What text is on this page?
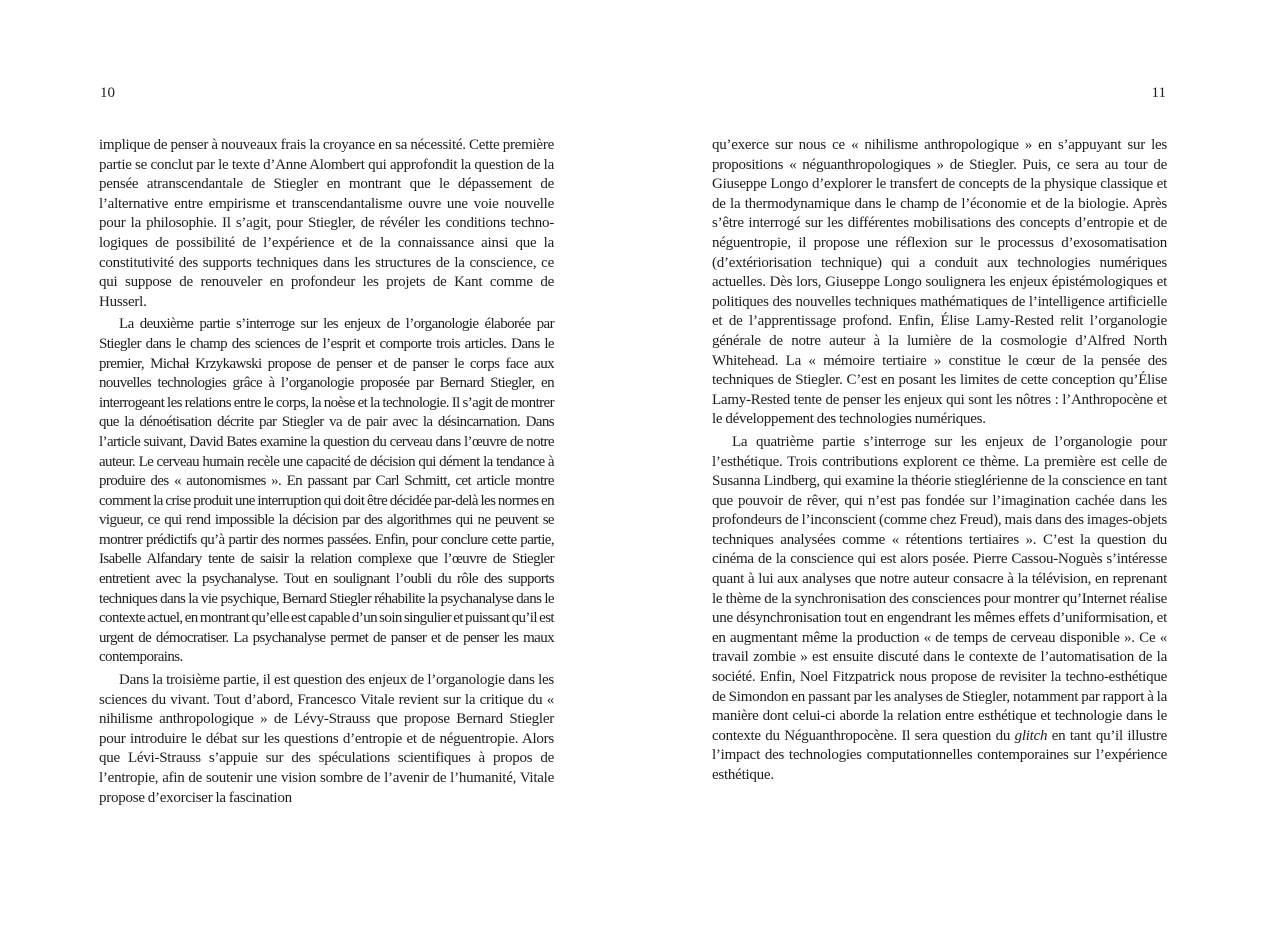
10

implique de penser à nouveaux frais la croyance en sa nécessité. Cette première partie se conclut par le texte d’Anne Alombert qui approfondit la question de la pensée atranscendantale de Stiegler en montrant que le dépassement de l’alternative entre empirisme et transcendantalisme ouvre une voie nouvelle pour la philosophie. Il s’agit, pour Stiegler, de révéler les conditions techno-logiques de possibilité de l’expérience et de la connaissance ainsi que la constitutivité des supports techniques dans les structures de la conscience, ce qui suppose de renouveler en profondeur les projets de Kant comme de Husserl.

La deuxième partie s’interroge sur les enjeux de l’organologie élaborée par Stiegler dans le champ des sciences de l’esprit et comporte trois articles. Dans le premier, Michał Krzykawski propose de penser et de panser le corps face aux nouvelles technologies grâce à l’organologie proposée par Bernard Stiegler, en interrogeant les relations entre le corps, la noèse et la technologie. Il s’agit de montrer que la dénoétisation décrite par Stiegler va de pair avec la désincarnation. Dans l’article suivant, David Bates examine la question du cerveau dans l’œuvre de notre auteur. Le cerveau humain recèle une capacité de décision qui dément la tendance à produire des « autonomismes ». En passant par Carl Schmitt, cet article montre comment la crise produit une interruption qui doit être décidée par-delà les normes en vigueur, ce qui rend impossible la décision par des algorithmes qui ne peuvent se montrer prédictifs qu’à partir des normes passées. Enfin, pour conclure cette partie, Isabelle Alfandary tente de saisir la relation complexe que l’œuvre de Stiegler entretient avec la psychanalyse. Tout en soulignant l’oubli du rôle des supports techniques dans la vie psychique, Bernard Stiegler réhabilite la psychanalyse dans le contexte actuel, en montrant qu’elle est capable d’un soin singulier et puissant qu’il est urgent de démocratiser. La psychanalyse permet de panser et de penser les maux contemporains.

Dans la troisième partie, il est question des enjeux de l’organologie dans les sciences du vivant. Tout d’abord, Francesco Vitale revient sur la critique du « nihilisme anthropologique » de Lévy-Strauss que propose Bernard Stiegler pour introduire le débat sur les questions d’entropie et de néguentropie. Alors que Lévi-Strauss s’appuie sur des spéculations scientifiques à propos de l’entropie, afin de soutenir une vision sombre de l’avenir de l’humanité, Vitale propose d’exorciser la fascination

11

qu’exerce sur nous ce « nihilisme anthropologique » en s’appuyant sur les propositions « néguanthropologiques » de Stiegler. Puis, ce sera au tour de Giuseppe Longo d’explorer le transfert de concepts de la physique classique et de la thermodynamique dans le champ de l’économie et de la biologie. Après s’être interrogé sur les différentes mobilisations des concepts d’entropie et de néguentropie, il propose une réflexion sur le processus d’exosomatisation (d’extériorisation technique) qui a conduit aux technologies numériques actuelles. Dès lors, Giuseppe Longo soulignera les enjeux épistémologiques et politiques des nouvelles techniques mathématiques de l’intelligence artificielle et de l’apprentissage profond. Enfin, Élise Lamy-Rested relit l’organologie générale de notre auteur à la lumière de la cosmologie d’Alfred North Whitehead. La « mémoire tertiaire » constitue le cœur de la pensée des techniques de Stiegler. C’est en posant les limites de cette conception qu’Élise Lamy-Rested tente de penser les enjeux qui sont les nôtres : l’Anthropocène et le développement des technologies numériques.

La quatrième partie s’interroge sur les enjeux de l’organologie pour l’esthétique. Trois contributions explorent ce thème. La première est celle de Susanna Lindberg, qui examine la théorie stieglérienne de la conscience en tant que pouvoir de rêver, qui n’est pas fondée sur l’imagination cachée dans les profondeurs de l’inconscient (comme chez Freud), mais dans des images-objets techniques analysées comme « rétentions tertiaires ». C’est la question du cinéma de la conscience qui est alors posée. Pierre Cassou-Noguès s’intéresse quant à lui aux analyses que notre auteur consacre à la télévision, en reprenant le thème de la synchronisation des consciences pour montrer qu’Internet réalise une désynchronisation tout en engendrant les mêmes effets d’uniformisation, et en augmentant même la production « de temps de cerveau disponible ». Ce « travail zombie » est ensuite discuté dans le contexte de l’automatisation de la société. Enfin, Noel Fitzpatrick nous propose de revisiter la techno-esthétique de Simondon en passant par les analyses de Stiegler, notamment par rapport à la manière dont celui-ci aborde la relation entre esthétique et technologie dans le contexte du Néguanthropocène. Il sera question du glitch en tant qu’il illustre l’impact des technologies computationnelles contemporaines sur l’expérience esthétique.
